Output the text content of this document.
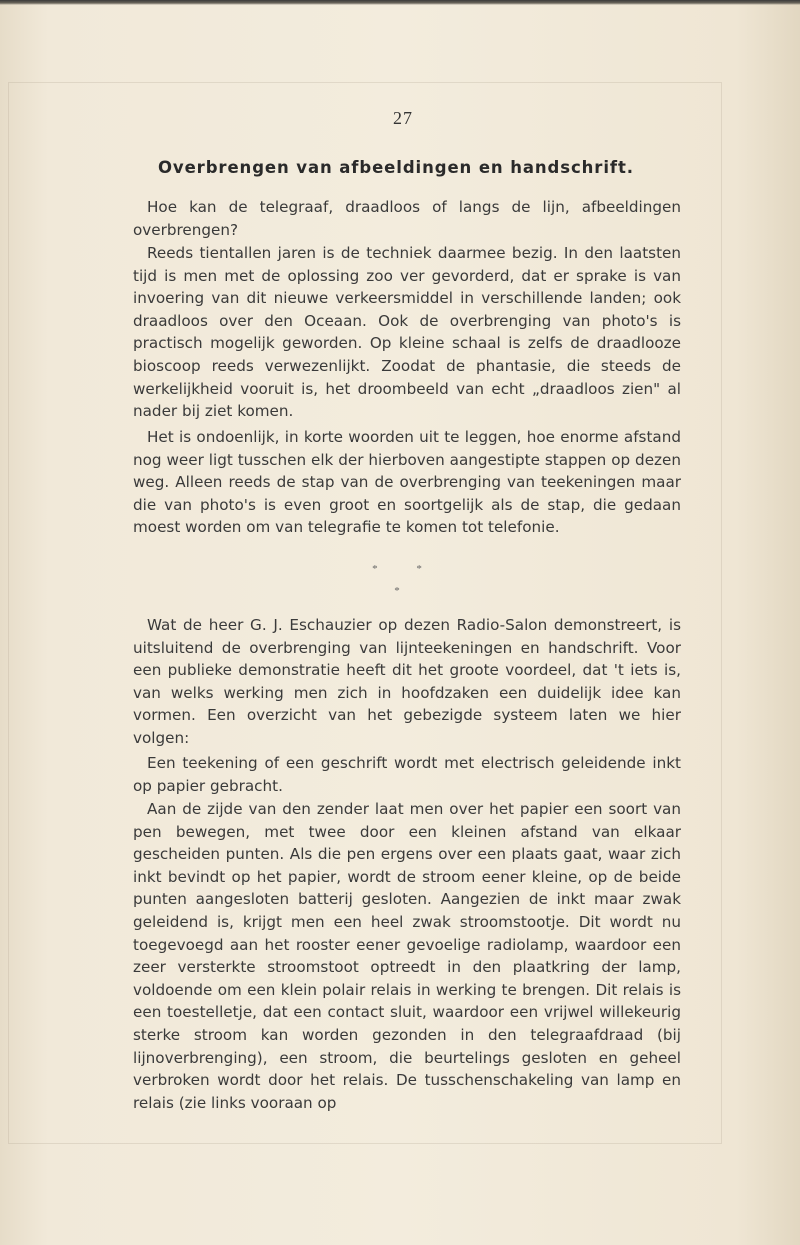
27
Overbrengen van afbeeldingen en handschrift.

Hoe kan de telegraaf, draadloos of langs de lijn, afbeeldingen overbrengen?

Reeds tientallen jaren is de techniek daarmee bezig. In den laatsten tijd is men met de oplossing zoo ver gevorderd, dat er sprake is van invoering van dit nieuwe verkeersmiddel in verschillende landen; ook draadloos over den Oceaan. Ook de overbrenging van photo's is practisch mogelijk geworden. Op kleine schaal is zelfs de draadlooze bioscoop reeds verwezenlijkt. Zoodat de phantasie, die steeds de werkelijkheid vooruit is, het droombeeld van echt „draadloos zien" al nader bij ziet komen.

Het is ondoenlijk, in korte woorden uit te leggen, hoe enorme afstand nog weer ligt tusschen elk der hierboven aangestipte stappen op dezen weg. Alleen reeds de stap van de overbrenging van teekeningen maar die van photo's is even groot en soortgelijk als de stap, die gedaan moest worden om van telegrafie te komen tot telefonie.

* *
*

Wat de heer G. J. Eschauzier op dezen Radio-Salon demonstreert, is uitsluitend de overbrenging van lijnteekeningen en handschrift. Voor een publieke demonstratie heeft dit het groote voordeel, dat 't iets is, van welks werking men zich in hoofdzaken een duidelijk idee kan vormen. Een overzicht van het gebezigde systeem laten we hier volgen:

Een teekening of een geschrift wordt met electrisch geleidende inkt op papier gebracht.

Aan de zijde van den zender laat men over het papier een soort van pen bewegen, met twee door een kleinen afstand van elkaar gescheiden punten. Als die pen ergens over een plaats gaat, waar zich inkt bevindt op het papier, wordt de stroom eener kleine, op de beide punten aangesloten batterij gesloten. Aangezien de inkt maar zwak geleidend is, krijgt men een heel zwak stroomstootje. Dit wordt nu toegevoegd aan het rooster eener gevoelige radiolamp, waardoor een zeer versterkte stroomstoot optreedt in den plaatkring der lamp, voldoende om een klein polair relais in werking te brengen. Dit relais is een toestelletje, dat een contact sluit, waardoor een vrijwel willekeurig sterke stroom kan worden gezonden in den telegraafdraad (bij lijnoverbrenging), een stroom, die beurtelings gesloten en geheel verbroken wordt door het relais. De tusschenschakeling van lamp en relais (zie links vooraan op
